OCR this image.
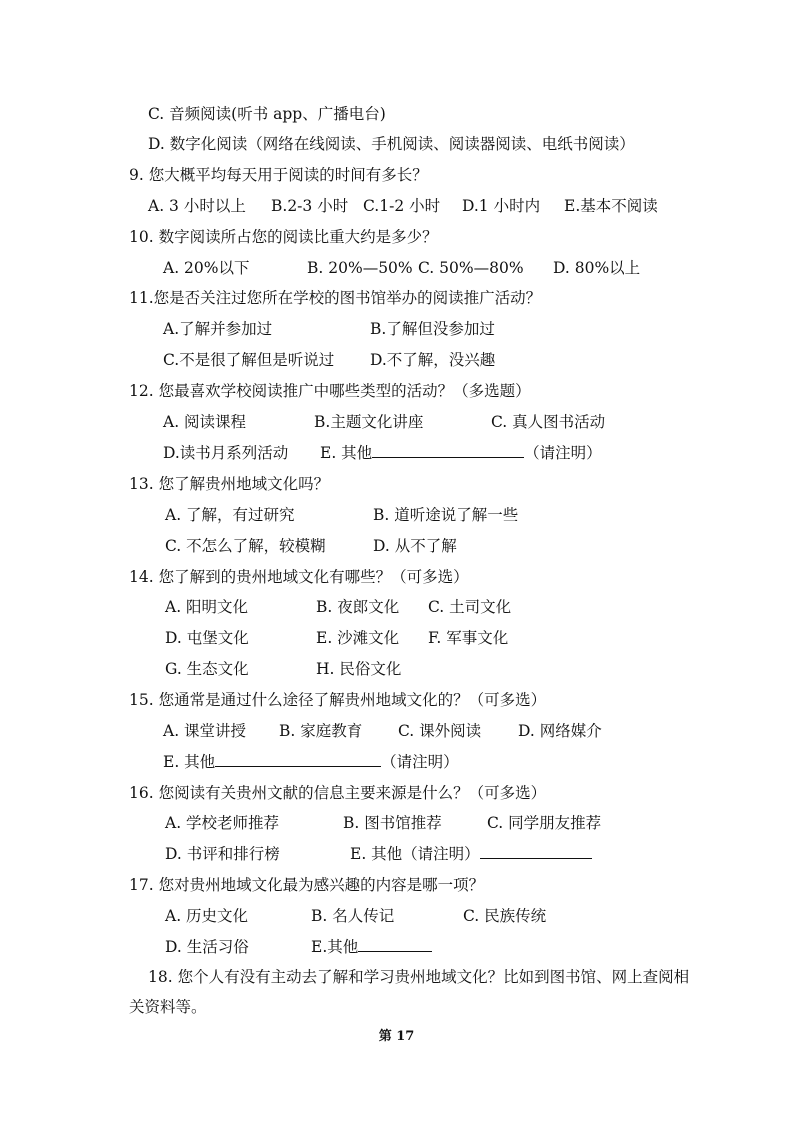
C. 音频阅读(听书 app、广播电台)
D. 数字化阅读（网络在线阅读、手机阅读、阅读器阅读、电纸书阅读）
9. 您大概平均每天用于阅读的时间有多长？
A. 3 小时以上 B.2-3 小时 C.1-2 小时 D.1 小时内 E.基本不阅读
10. 数字阅读所占您的阅读比重大约是多少？
A. 20%以下	B. 20%—50% C. 50%—80% D. 80%以上
11.您是否关注过您所在学校的图书馆举办的阅读推广活动？
A.了解并参加过	B.了解但没参加过
C.不是很了解但是听说过 D.不了解，没兴趣
12. 您最喜欢学校阅读推广中哪些类型的活动？（多选题）
A. 阅读课程	B.主题文化讲座	C. 真人图书活动
D.读书月系列活动 E. 其他	（请注明）
13. 您了解贵州地域文化吗？
A. 了解，有过研究	B. 道听途说了解一些
C. 不怎么了解，较模糊	D. 从不了解
14. 您了解到的贵州地域文化有哪些？（可多选）
A. 阳明文化	B. 夜郎文化 C. 土司文化
D. 屯堡文化	E. 沙滩文化 F. 军事文化
G. 生态文化	H. 民俗文化
15. 您通常是通过什么途径了解贵州地域文化的？（可多选）
A. 课堂讲授 B. 家庭教育 C. 课外阅读 D. 网络媒介
E. 其他	（请注明）
16. 您阅读有关贵州文献的信息主要来源是什么？（可多选）
A. 学校老师推荐	B. 图书馆推荐	C. 同学朋友推荐
D. 书评和排行榜	E. 其他（请注明）
17. 您对贵州地域文化最为感兴趣的内容是哪一项？
A. 历史文化	B. 名人传记	C. 民族传统
D. 生活习俗	E.其他
18. 您个人有没有主动去了解和学习贵州地域文化？比如到图书馆、网上查阅相
关资料等。
第 17
